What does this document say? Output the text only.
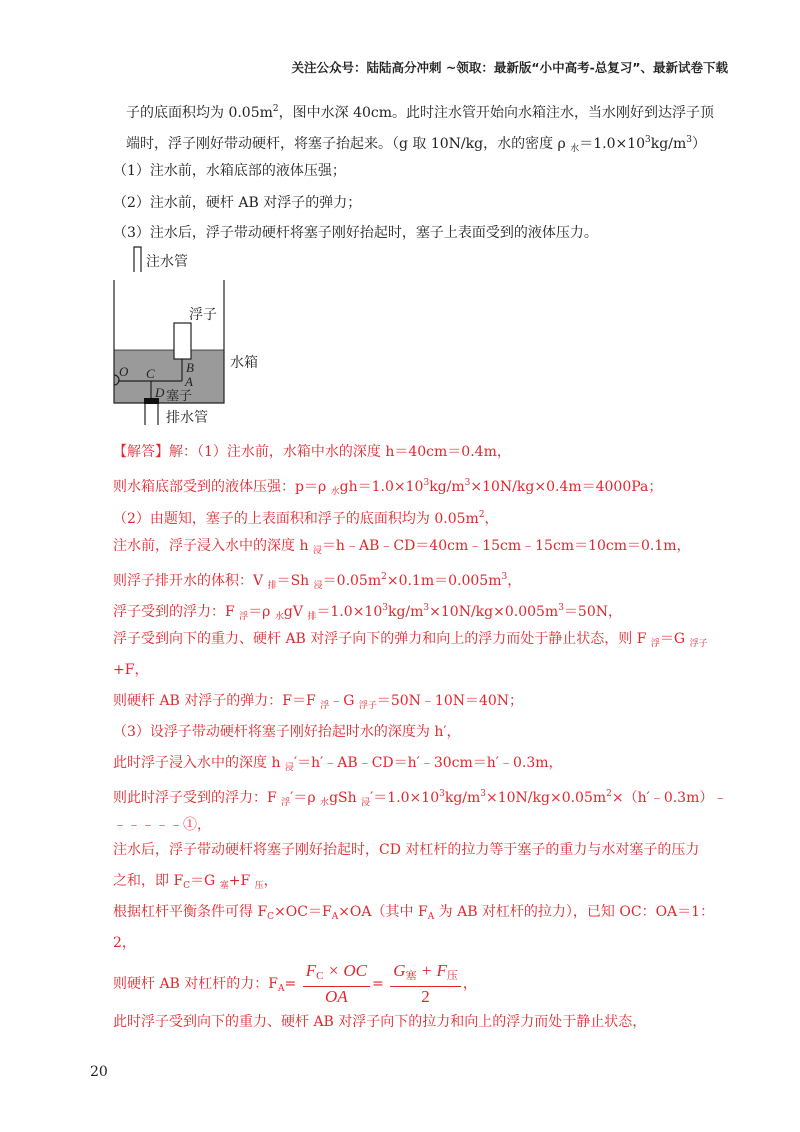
关注公众号：陆陆高分冲刺 ~领取：最新版“小中高考-总复习”、最新试卷下载
子的底面积均为 $0.05m^2$，图中水深 40cm。此时注水管开始向水箱注水，当水刚好到达浮子顶
端时，浮子刚好带动硬杆，将塞子抬起来。（g 取 10N/kg，水的密度 ρ $_水=1.0\times 10^3kg/m^3$）
（1）注水前，水箱底部的液体压强；
（2）注水前，硬杆 AB 对浮子的弹力；
（3）注水后，浮子带动硬杆将塞子刚好抬起时，塞子上表面受到的液体压力。
注水管
浮子
水箱
O C B
A
D 塞子
排水管
【解答】解：（1）注水前，水箱中水的深度 h＝40cm＝0.4m，
则水箱底部受到的液体压强：p＝ρ $_水gh=1.0\times 10^3kg/m^3\times 10N/kg\times 0.4m=4000Pa$；
（2）由题知，塞子的上表面积和浮子的底面积均为 $0.05m^2$，
注水前，浮子浸入水中的深度 h $_浸$＝h﹣AB﹣CD＝40cm﹣15cm﹣15cm＝10cm＝0.1m，
则浮子排开水的体积：V $_排$＝Sh $_浸=0.05m^2\times 0.1m=0.005m^3$，
浮子受到的浮力：F $_浮$＝ρ $_水$gV $_排=1.0\times 10^3kg/m^3\times 10N/kg\times 0.005m^3=50N$，
浮子受到向下的重力、硬杆 AB 对浮子向下的弹力和向上的浮力而处于静止状态，则 F $_浮$＝G $_{浮子}$
+F，
则硬杆 AB 对浮子的弹力：F＝F $_浮$﹣G $_{浮子}$＝50N﹣10N＝40N；
（3）设浮子带动硬杆将塞子刚好抬起时水的深度为 h′，
此时浮子浸入水中的深度 h $_浸$′＝h′﹣AB﹣CD＝h′﹣30cm＝h′﹣0.3m，
则此时浮子受到的浮力：F $_浮$′＝ρ $_水$gSh $_浸'=1.0\times 10^3kg/m^3\times 10N/kg\times 0.05m^2\times(h'﹣0.3m)﹣$
﹣﹣﹣﹣﹣①，
注水后，浮子带动硬杆将塞子刚好抬起时，CD 对杠杆的拉力等于塞子的重力与水对塞子的压力
之和，即 $F_C=G$ $_塞$+F $_压$，
根据杠杆平衡条件可得 $F_C\times OC=F_A\times OA$（其中 $F_A$ 为 AB 对杠杆的拉力），已知 OC：OA＝1：
2，
则硬杆 AB 对杠杆的力：$F_A= \frac{F_C \times OC}{OA} = \frac{G_塞 + F_压}{2}$ ，
此时浮子受到向下的重力、硬杆 AB 对浮子向下的拉力和向上的浮力而处于静止状态，
20
